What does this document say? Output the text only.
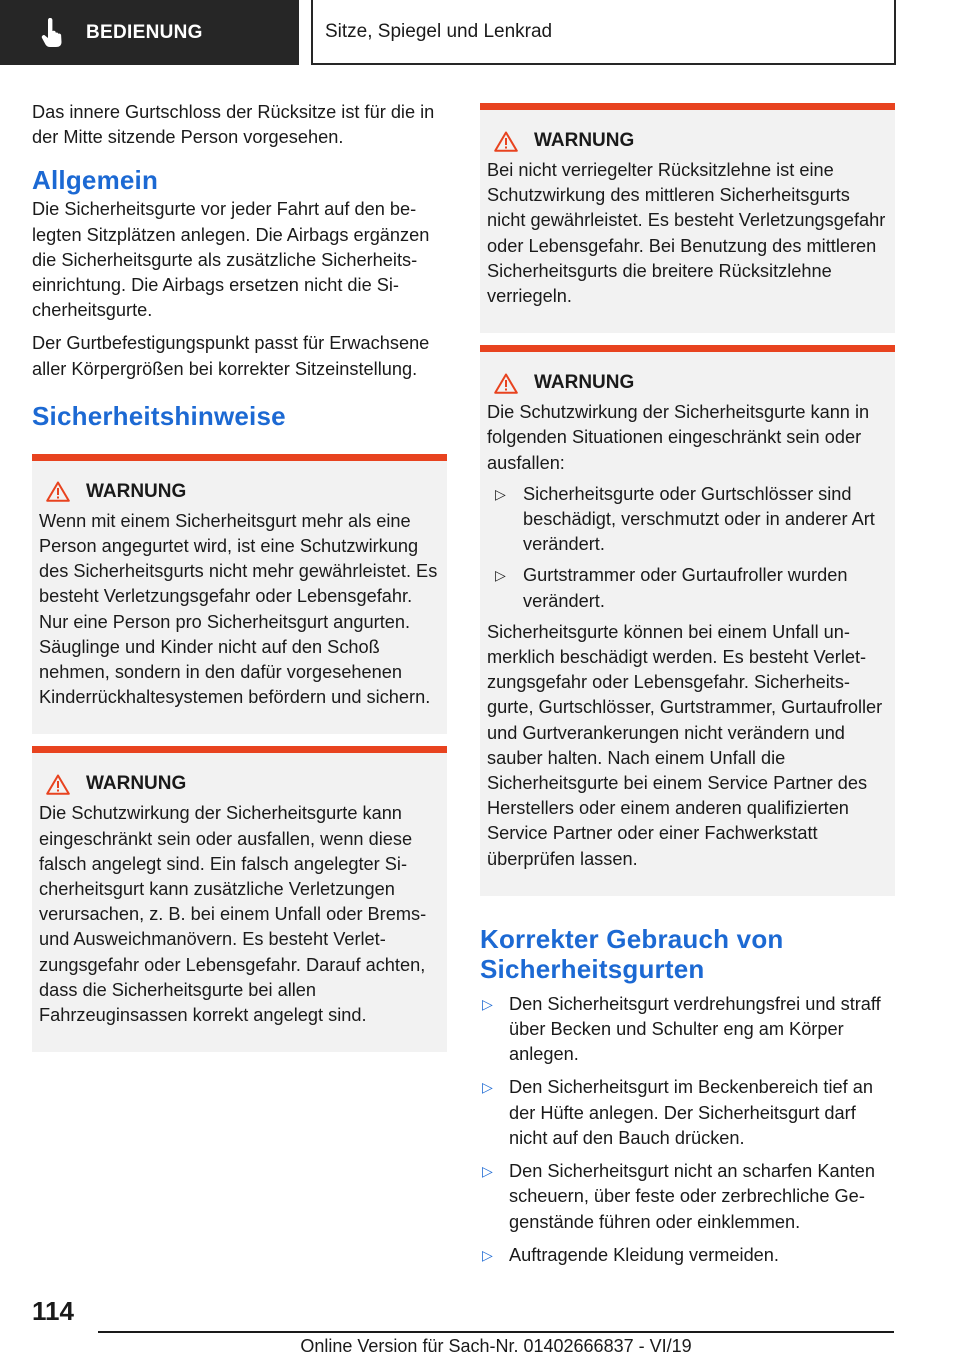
BEDIENUNG	Sitze, Spiegel und Lenkrad

Das innere Gurtschloss der Rücksitze ist für die in der Mitte sitzende Person vorgesehen.

Allgemein

Die Sicherheitsgurte vor jeder Fahrt auf den belegten Sitzplätzen anlegen. Die Airbags ergänzen die Sicherheitsgurte als zusätzliche Sicherheitseinrichtung. Die Airbags ersetzen nicht die Sicherheitsgurte.

Der Gurtbefestigungspunkt passt für Erwachsene aller Körpergrößen bei korrekter Sitzeinstellung.

Sicherheitshinweise
WARNUNG

Wenn mit einem Sicherheitsgurt mehr als eine Person angegurtet wird, ist eine Schutzwirkung des Sicherheitsgurts nicht mehr gewährleistet. Es besteht Verletzungsgefahr oder Lebensgefahr. Nur eine Person pro Sicherheitsgurt angurten. Säuglinge und Kinder nicht auf den Schoß nehmen, sondern in den dafür vorgesehenen Kinderrückhaltesystemen befördern und sichern.

WARNUNG

Die Schutzwirkung der Sicherheitsgurte kann eingeschränkt sein oder ausfallen, wenn diese falsch angelegt sind. Ein falsch angelegter Sicherheitsgurt kann zusätzliche Verletzungen verursachen, z. B. bei einem Unfall oder Brems- und Ausweichmanövern. Es besteht Verletzungsgefahr oder Lebensgefahr. Darauf achten, dass die Sicherheitsgurte bei allen Fahrzeuginsassen korrekt angelegt sind.

WARNUNG

Bei nicht verriegelter Rücksitzlehne ist eine Schutzwirkung des mittleren Sicherheitsgurts nicht gewährleistet. Es besteht Verletzungsgefahr oder Lebensgefahr. Bei Benutzung des mittleren Sicherheitsgurts die breitere Rücksitzlehne verriegeln.

WARNUNG

Die Schutzwirkung der Sicherheitsgurte kann in folgenden Situationen eingeschränkt sein oder ausfallen:

▷ Sicherheitsgurte oder Gurtschlösser sind beschädigt, verschmutzt oder in anderer Art verändert.
▷ Gurtstrammer oder Gurtaufroller wurden verändert.

Sicherheitsgurte können bei einem Unfall unmerklich beschädigt werden. Es besteht Verletzungsgefahr oder Lebensgefahr. Sicherheitsgurte, Gurtschlösser, Gurtstrammer, Gurtaufroller und Gurtverankerungen nicht verändern und sauber halten. Nach einem Unfall die Sicherheitsgurte bei einem Service Partner des Herstellers oder einem anderen qualifizierten Service Partner oder einer Fachwerkstatt überprüfen lassen.

Korrekter Gebrauch von
Sicherheitsgurten
▷ Den Sicherheitsgurt verdrehungsfrei und straff über Becken und Schulter eng am Körper anlegen.
▷ Den Sicherheitsgurt im Beckenbereich tief an der Hüfte anlegen. Der Sicherheitsgurt darf nicht auf den Bauch drücken.
▷ Den Sicherheitsgurt nicht an scharfen Kanten scheuern, über feste oder zerbrechliche Gegenstände führen oder einklemmen.
▷ Auftragende Kleidung vermeiden.
114
Online Version für Sach-Nr. 01402666837 - VI/19
